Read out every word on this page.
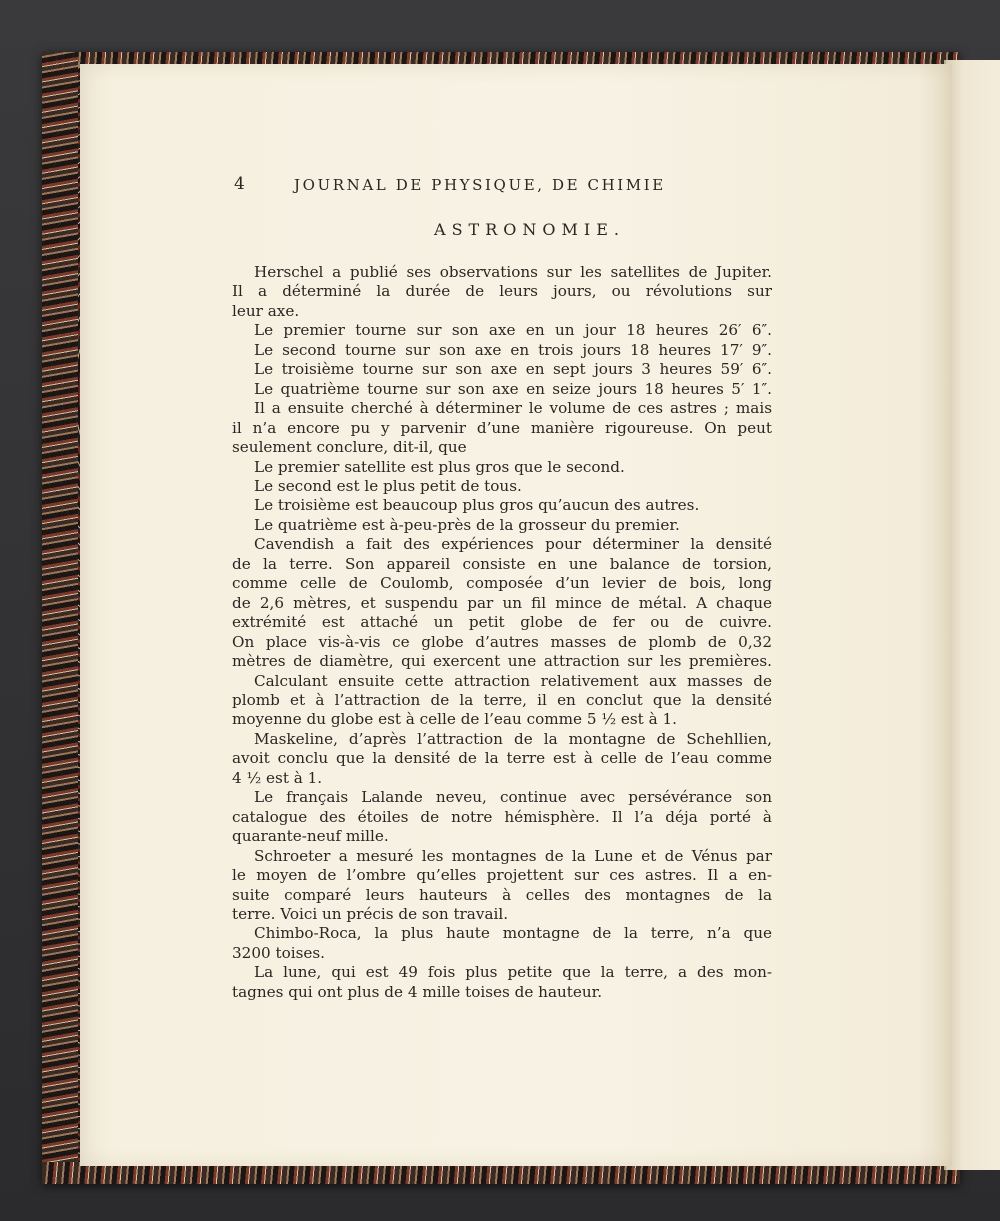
4	JOURNAL DE PHYSIQUE, DE CHIMIE
ASTRONOMIE.
Herschel a publié ses observations sur les satellites de Jupiter.
Il a déterminé la durée de leurs jours, ou révolutions sur
leur axe.
Le premier tourne sur son axe en un jour 18 heures 26′ 6″.
Le second tourne sur son axe en trois jours 18 heures 17′ 9″.
Le troisième tourne sur son axe en sept jours 3 heures 59′ 6″.
Le quatrième tourne sur son axe en seize jours 18 heures 5′ 1″.
Il a ensuite cherché à déterminer le volume de ces astres ; mais
il n’a encore pu y parvenir d’une manière rigoureuse. On peut
seulement conclure, dit-il, que
Le premier satellite est plus gros que le second.
Le second est le plus petit de tous.
Le troisième est beaucoup plus gros qu’aucun des autres.
Le quatrième est à-peu-près de la grosseur du premier.
Cavendish a fait des expériences pour déterminer la densité
de la terre. Son appareil consiste en une balance de torsion,
comme celle de Coulomb, composée d’un levier de bois, long
de 2,6 mètres, et suspendu par un fil mince de métal. A chaque
extrémité est attaché un petit globe de fer ou de cuivre.
On place vis-à-vis ce globe d’autres masses de plomb de 0,32
mètres de diamètre, qui exercent une attraction sur les premières.
Calculant ensuite cette attraction relativement aux masses de
plomb et à l’attraction de la terre, il en conclut que la densité
moyenne du globe est à celle de l’eau comme 5 ½ est à 1.
Maskeline, d’après l’attraction de la montagne de Schehllien,
avoit conclu que la densité de la terre est à celle de l’eau comme
4 ½ est à 1.
Le français Lalande neveu, continue avec persévérance son
catalogue des étoiles de notre hémisphère. Il l’a déja porté à
quarante-neuf mille.
Schroeter a mesuré les montagnes de la Lune et de Vénus par
le moyen de l’ombre qu’elles projettent sur ces astres. Il a en-
suite comparé leurs hauteurs à celles des montagnes de la
terre. Voici un précis de son travail.
Chimbo-Roca, la plus haute montagne de la terre, n’a que
3200 toises.
La lune, qui est 49 fois plus petite que la terre, a des mon-
tagnes qui ont plus de 4 mille toises de hauteur.
